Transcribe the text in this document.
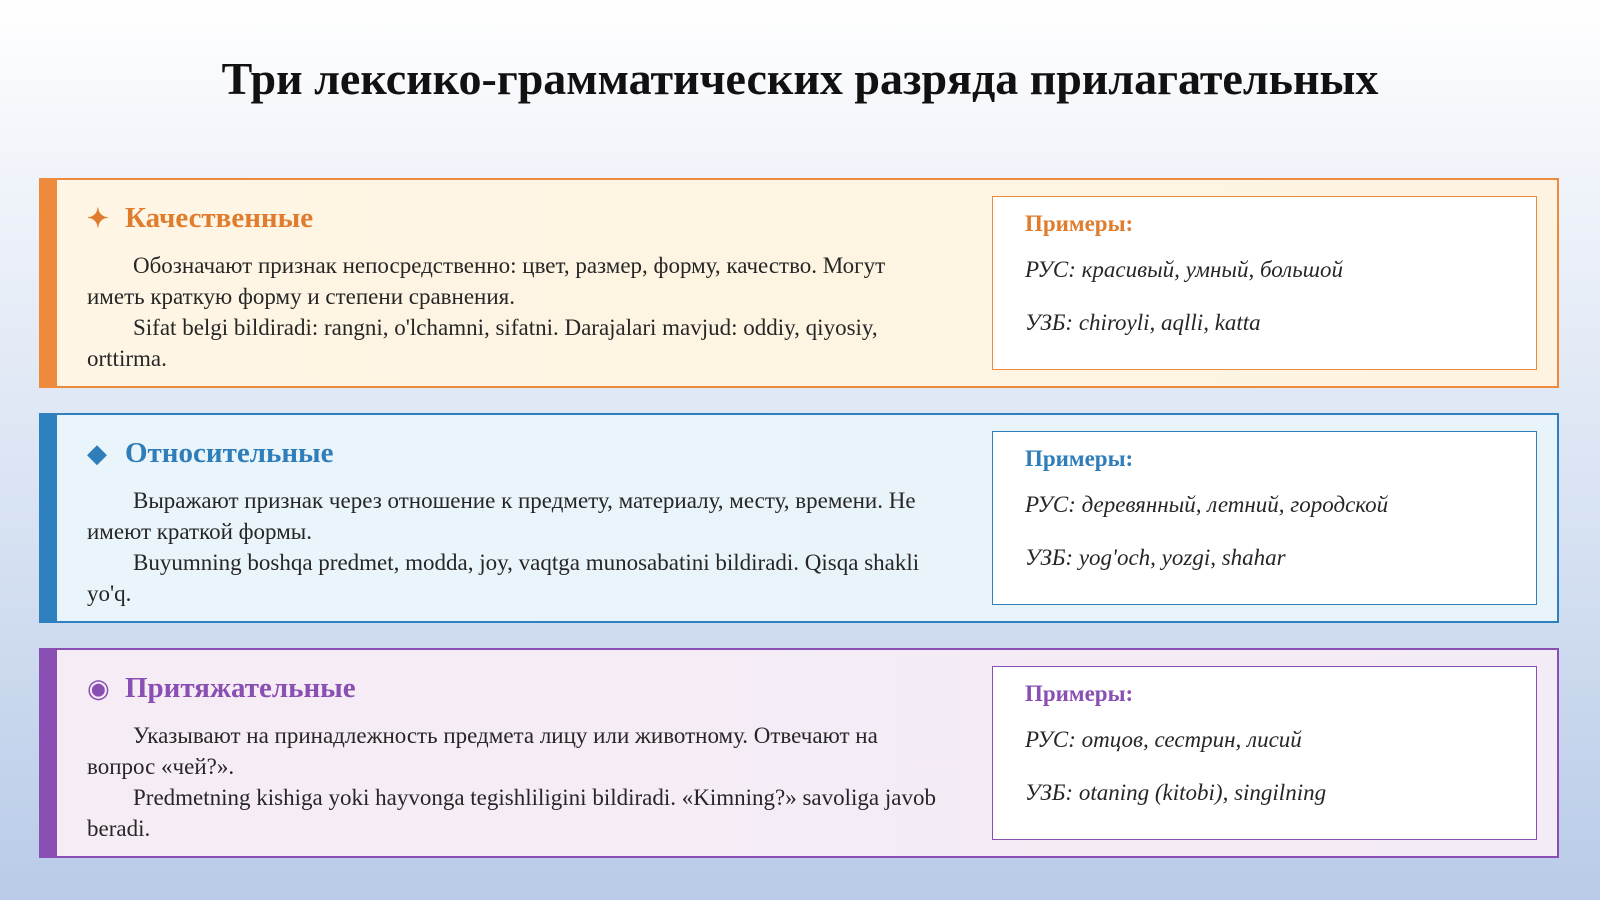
Три лексико-грамматических разряда прилагательных
✦ Качественные

Обозначают признак непосредственно: цвет, размер, форму, качество. Могут иметь краткую форму и степени сравнения.

Sifat belgi bildiradi: rangni, o'lchamni, sifatni. Darajalari mavjud: oddiy, qiyosiy, orttirma.

Примеры:
РУС: красивый, умный, большой
УЗБ: chiroyli, aqlli, katta
◆ Относительные

Выражают признак через отношение к предмету, материалу, месту, времени. Не имеют краткой формы.

Buyumning boshqa predmet, modda, joy, vaqtga munosabatini bildiradi. Qisqa shakli yo'q.

Примеры:
РУС: деревянный, летний, городской
УЗБ: yog'och, yozgi, shahar
◉ Притяжательные

Указывают на принадлежность предмета лицу или животному. Отвечают на вопрос «чей?».

Predmetning kishiga yoki hayvonga tegishliligini bildiradi. «Kimning?» savoliga javob beradi.

Примеры:
РУС: отцов, сестрин, лисий
УЗБ: otaning (kitobi), singilning
